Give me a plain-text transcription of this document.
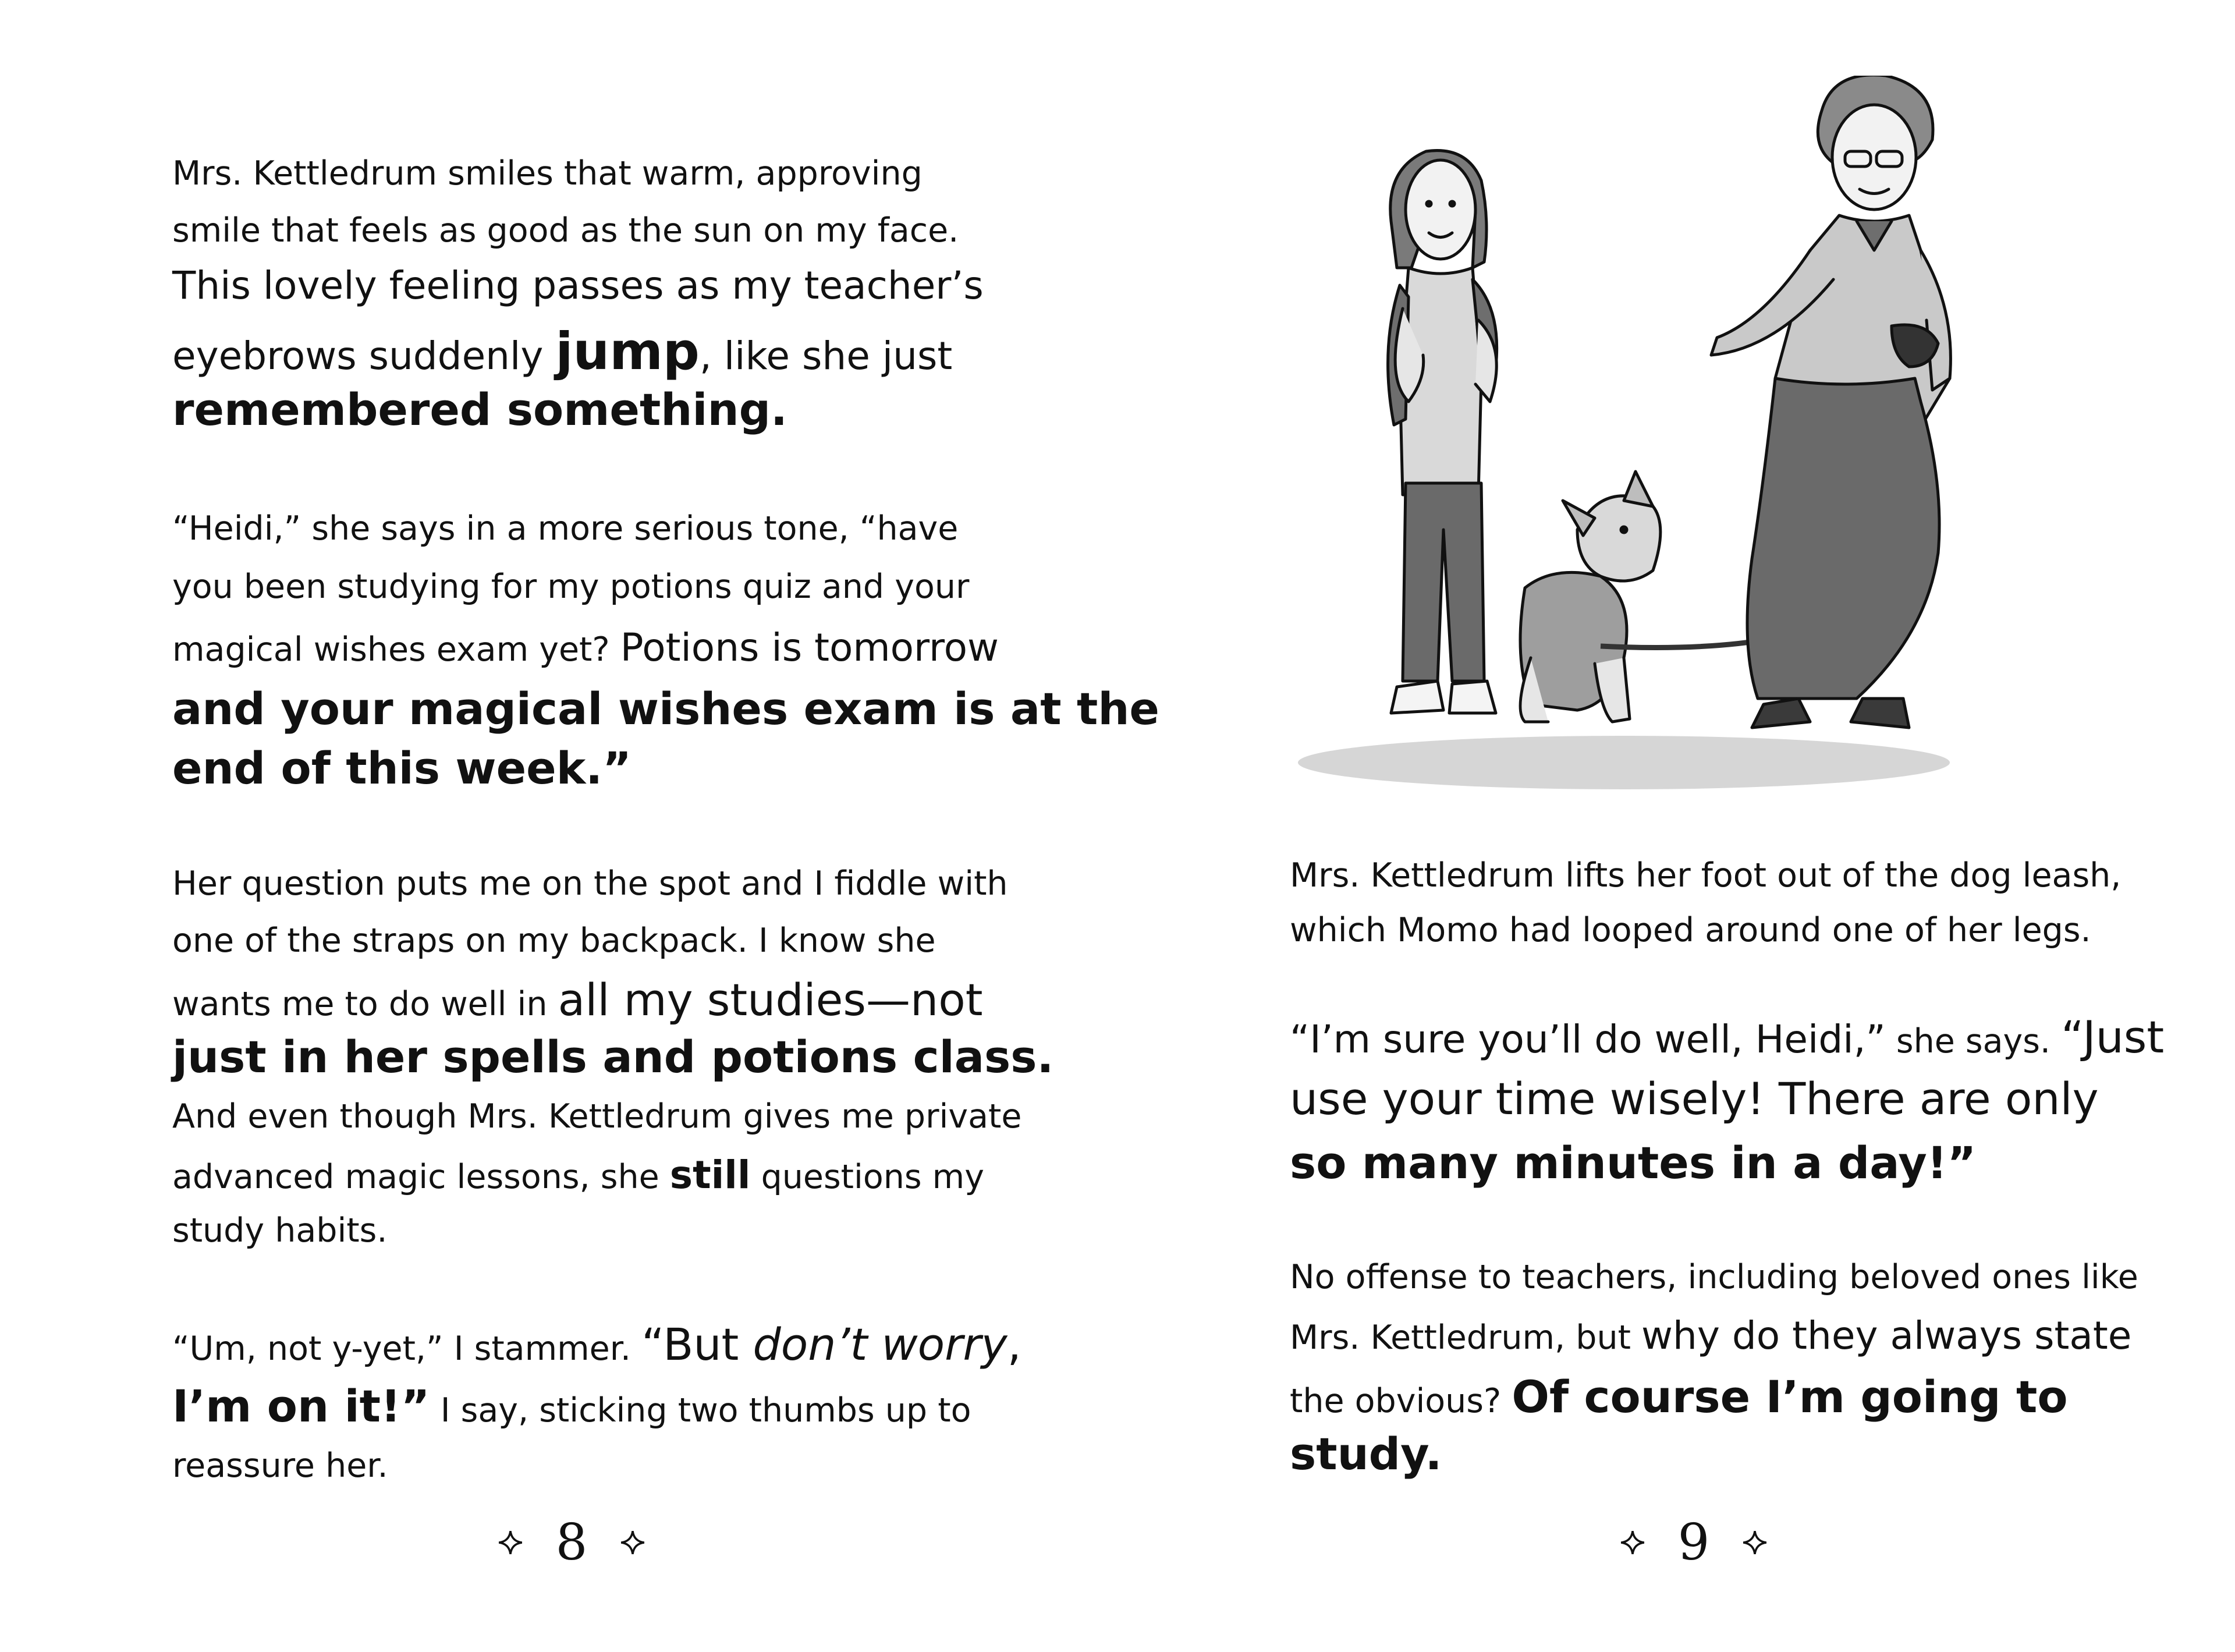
Mrs. Kettledrum smiles that warm, approving
smile that feels as good as the sun on my face.
This lovely feeling passes as my teacher’s
eyebrows suddenly jump, like she just
remembered something.
“Heidi,” she says in a more serious tone, “have
you been studying for my potions quiz and your
magical wishes exam yet? Potions is tomorrow
and your magical wishes exam is at the
end of this week.”
Her question puts me on the spot and I fiddle with
one of the straps on my backpack. I know she
wants me to do well in all my studies—not
just in her spells and potions class.
And even though Mrs. Kettledrum gives me private
advanced magic lessons, she still questions my
study habits.
“Um, not y-yet,” I stammer. “But don’t worry,
I’m on it!” I say, sticking two thumbs up to
reassure her.
8
Mrs. Kettledrum lifts her foot out of the dog leash,
which Momo had looped around one of her legs.
“I’m sure you’ll do well, Heidi,” she says. “Just
use your time wisely! There are only
so many minutes in a day!”
No offense to teachers, including beloved ones like
Mrs. Kettledrum, but why do they always state
the obvious? Of course I’m going to
study.
9
